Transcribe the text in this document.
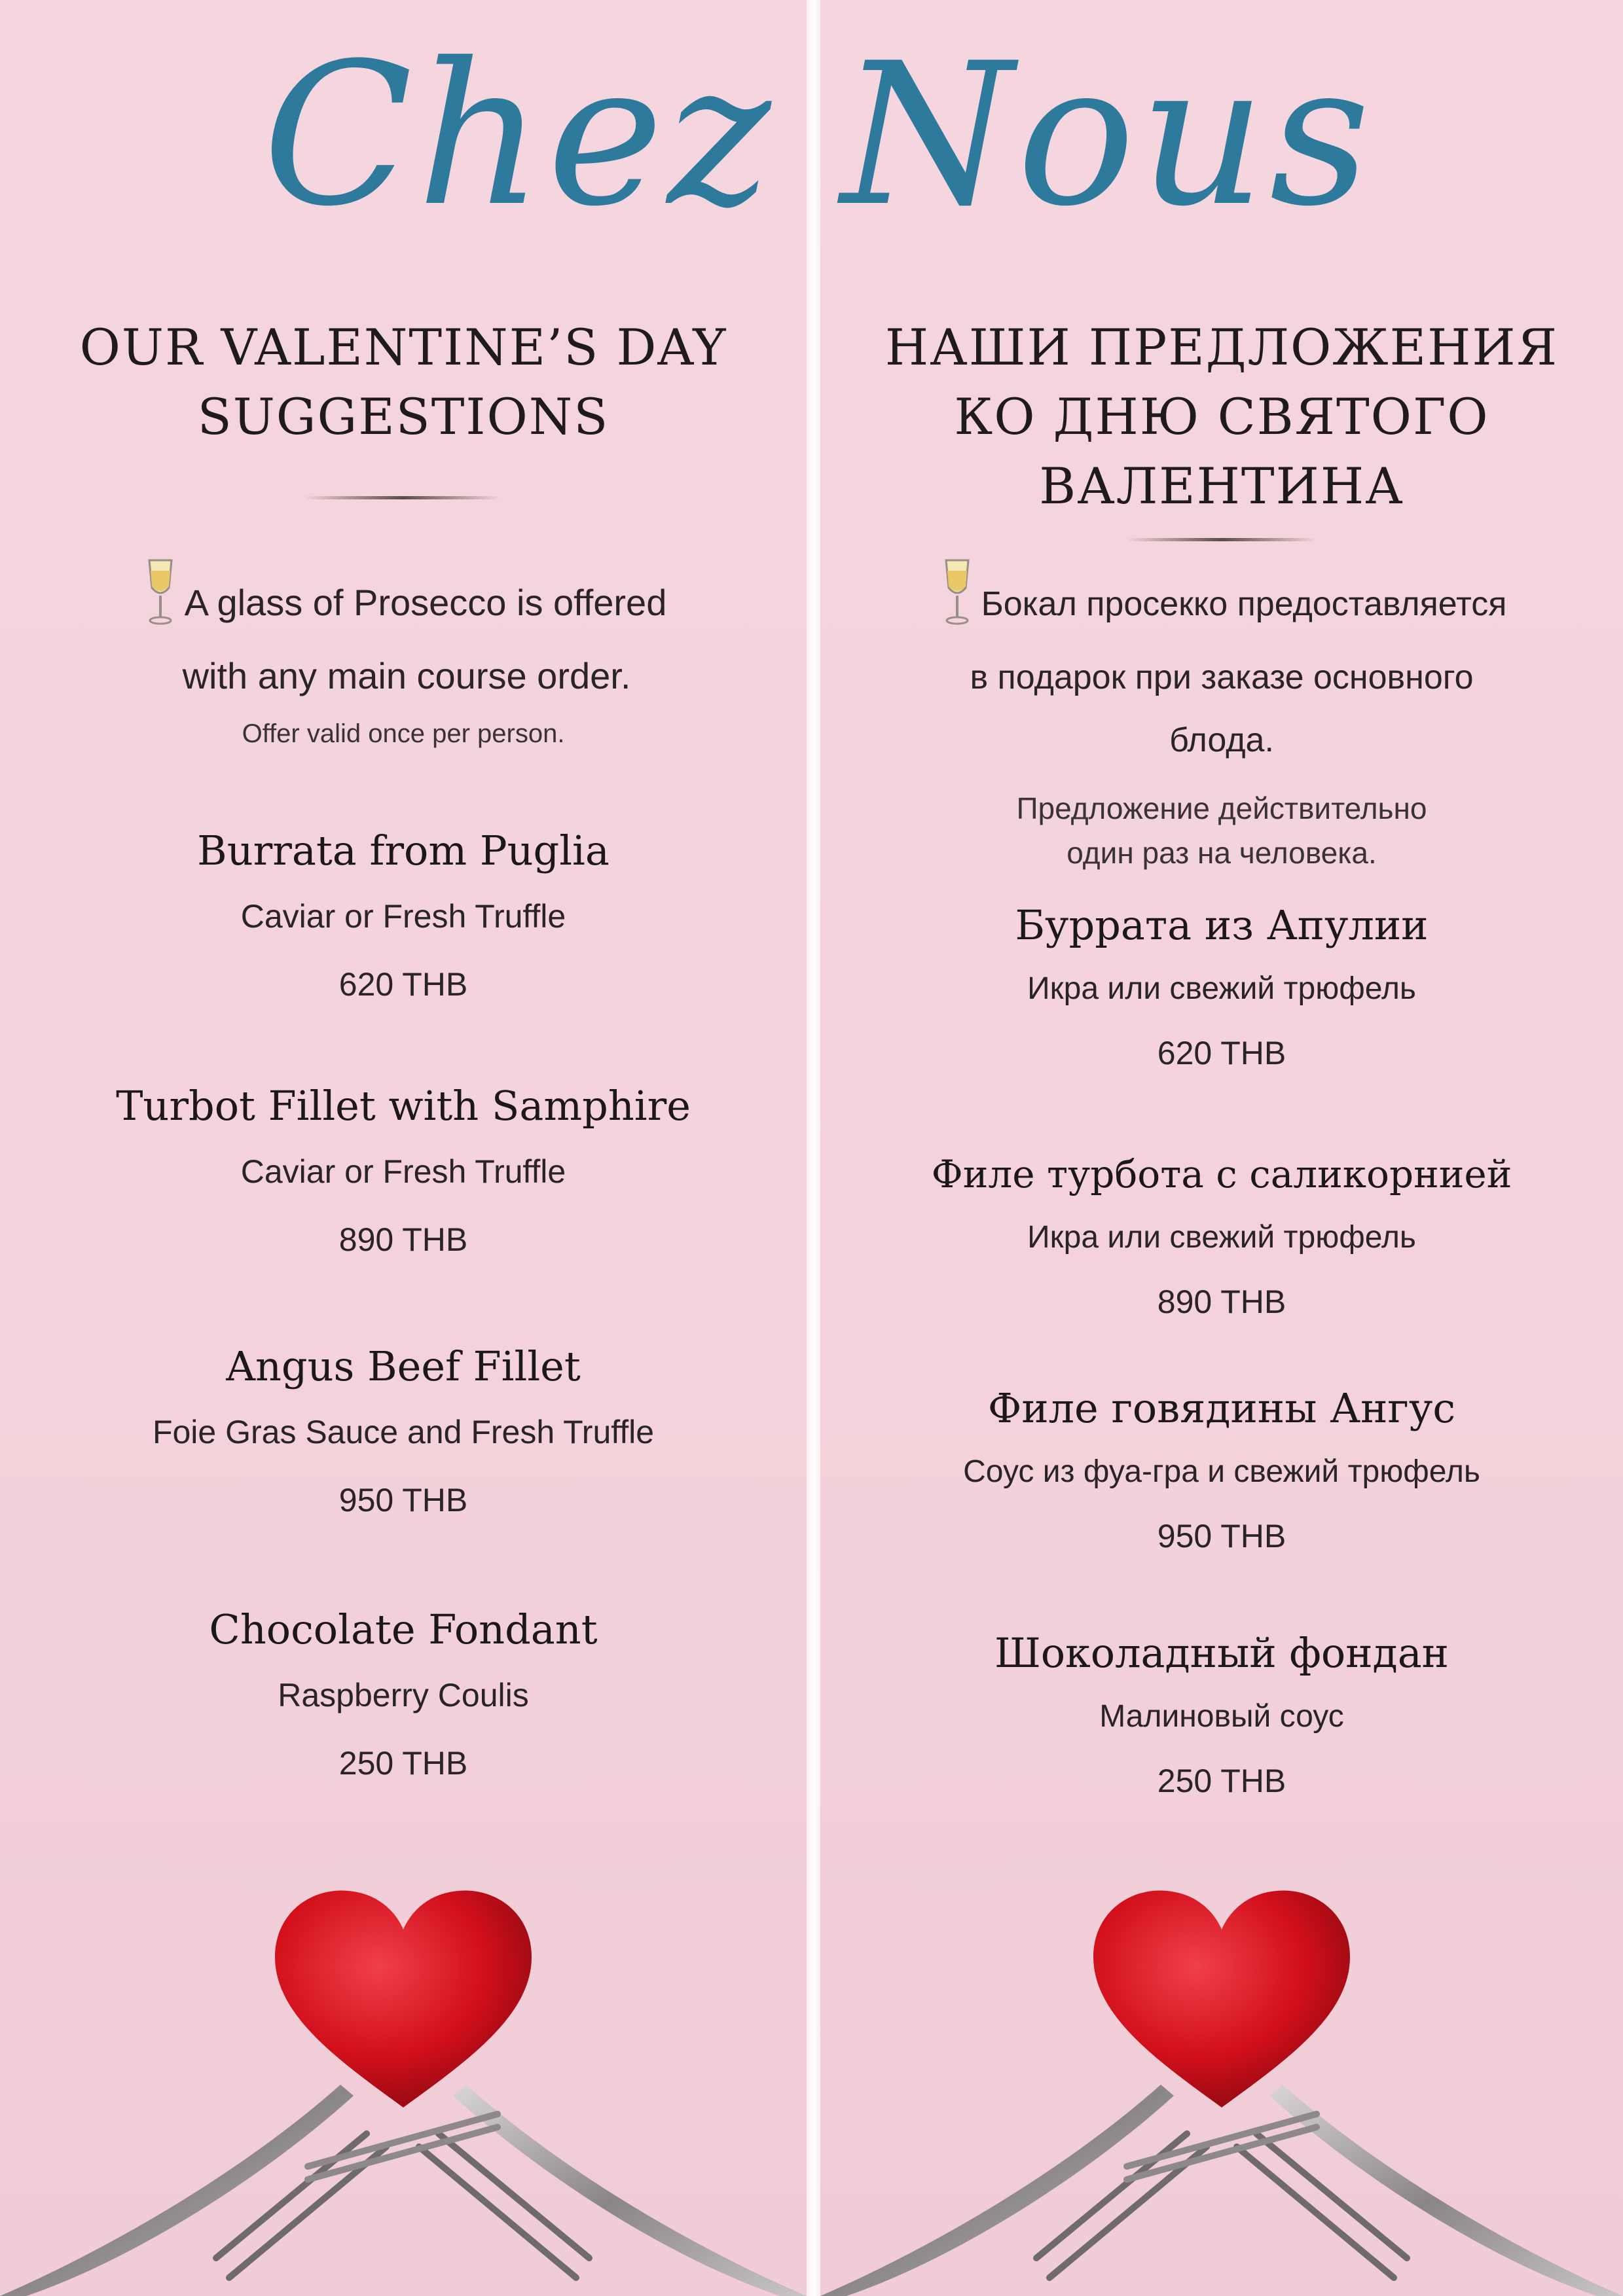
OUR VALENTINE’S DAY
SUGGESTIONS
A glass of Prosecco is offered
with any main course order.
Offer valid once per person.
Burrata from Puglia
Caviar or Fresh Truffle
620 THB
Turbot Fillet with Samphire
Caviar or Fresh Truffle
890 THB
Angus Beef Fillet
Foie Gras Sauce and Fresh Truffle
950 THB
Chocolate Fondant
Raspberry Coulis
250 THB
НАШИ ПРЕДЛОЖЕНИЯ
КО ДНЮ СВЯТОГО
ВАЛЕНТИНА
Бокал просекко предоставляется
в подарок при заказе основного
блода.
Предложение действительно
один раз на человека.
Буррата из Апулии
Икра или свежий трюфель
620 THB
Филе турбота с саликорнией
Икра или свежий трюфель
890 THB
Филе говядины Ангус
Соус из фуа-гра и свежий трюфель
950 THB
Шоколадный фондан
Малиновый соус
250 THB
Chez Nous
